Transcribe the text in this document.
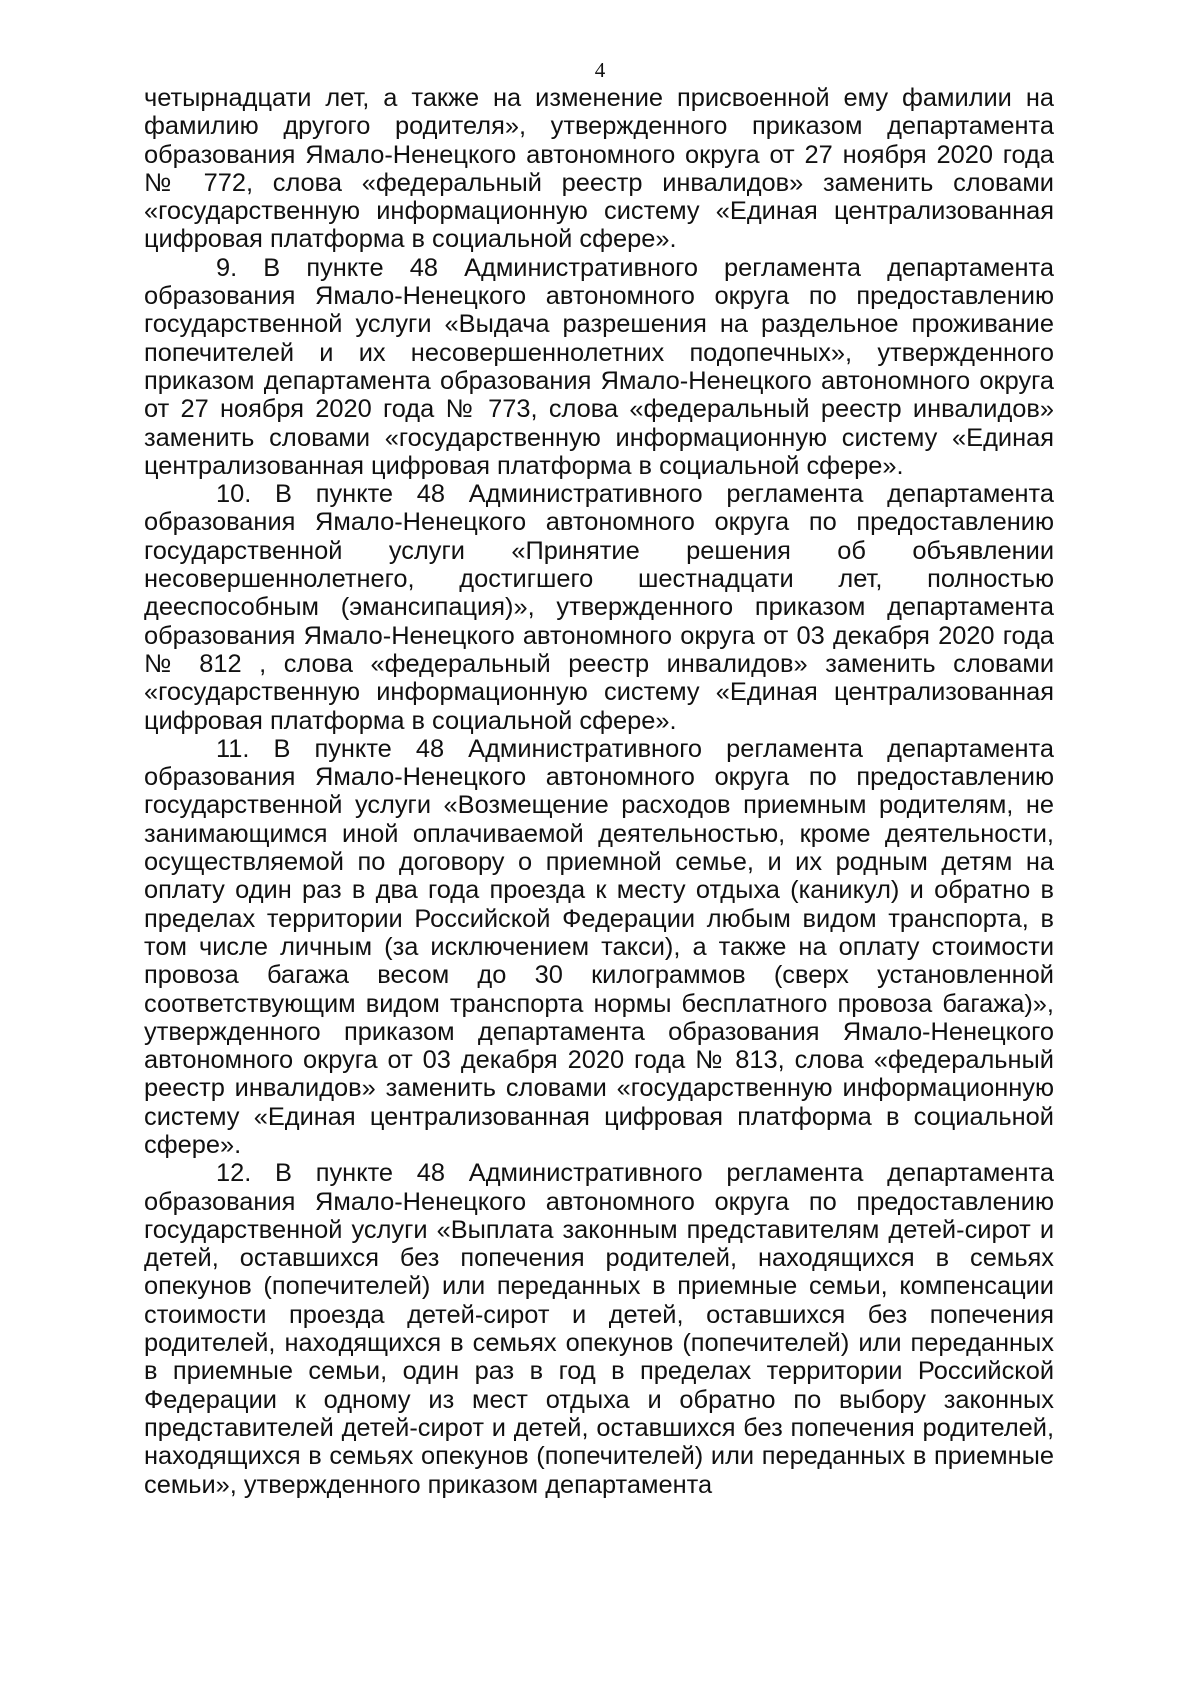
4

четырнадцати лет, а также на изменение присвоенной ему фамилии на фамилию другого родителя», утвержденного приказом департамента образования Ямало-Ненецкого автономного округа от 27 ноября 2020 года № 772, слова «федеральный реестр инвалидов» заменить словами «государственную информационную систему «Единая централизованная цифровая платформа в социальной сфере».

9. В пункте 48 Административного регламента департамента образования Ямало-Ненецкого автономного округа по предоставлению государственной услуги «Выдача разрешения на раздельное проживание попечителей и их несовершеннолетних подопечных», утвержденного приказом департамента образования Ямало-Ненецкого автономного округа от 27 ноября 2020 года № 773, слова «федеральный реестр инвалидов» заменить словами «государственную информационную систему «Единая централизованная цифровая платформа в социальной сфере».

10. В пункте 48 Административного регламента департамента образования Ямало-Ненецкого автономного округа по предоставлению государственной услуги «Принятие решения об объявлении несовершеннолетнего, достигшего шестнадцати лет, полностью дееспособным (эмансипация)», утвержденного приказом департамента образования Ямало-Ненецкого автономного округа от 03 декабря 2020 года № 812 , слова «федеральный реестр инвалидов» заменить словами «государственную информационную систему «Единая централизованная цифровая платформа в социальной сфере».

11. В пункте 48 Административного регламента департамента образования Ямало-Ненецкого автономного округа по предоставлению государственной услуги «Возмещение расходов приемным родителям, не занимающимся иной оплачиваемой деятельностью, кроме деятельности, осуществляемой по договору о приемной семье, и их родным детям на оплату один раз в два года проезда к месту отдыха (каникул) и обратно в пределах территории Российской Федерации любым видом транспорта, в том числе личным (за исключением такси), а также на оплату стоимости провоза багажа весом до 30 килограммов (сверх установленной соответствующим видом транспорта нормы бесплатного провоза багажа)», утвержденного приказом департамента образования Ямало-Ненецкого автономного округа от 03 декабря 2020 года № 813, слова «федеральный реестр инвалидов» заменить словами «государственную информационную систему «Единая централизованная цифровая платформа в социальной сфере».

12. В пункте 48 Административного регламента департамента образования Ямало-Ненецкого автономного округа по предоставлению государственной услуги «Выплата законным представителям детей-сирот и детей, оставшихся без попечения родителей, находящихся в семьях опекунов (попечителей) или переданных в приемные семьи, компенсации стоимости проезда детей-сирот и детей, оставшихся без попечения родителей, находящихся в семьях опекунов (попечителей) или переданных в приемные семьи, один раз в год в пределах территории Российской Федерации к одному из мест отдыха и обратно по выбору законных представителей детей-сирот и детей, оставшихся без попечения родителей, находящихся в семьях опекунов (попечителей) или переданных в приемные семьи», утвержденного приказом департамента
